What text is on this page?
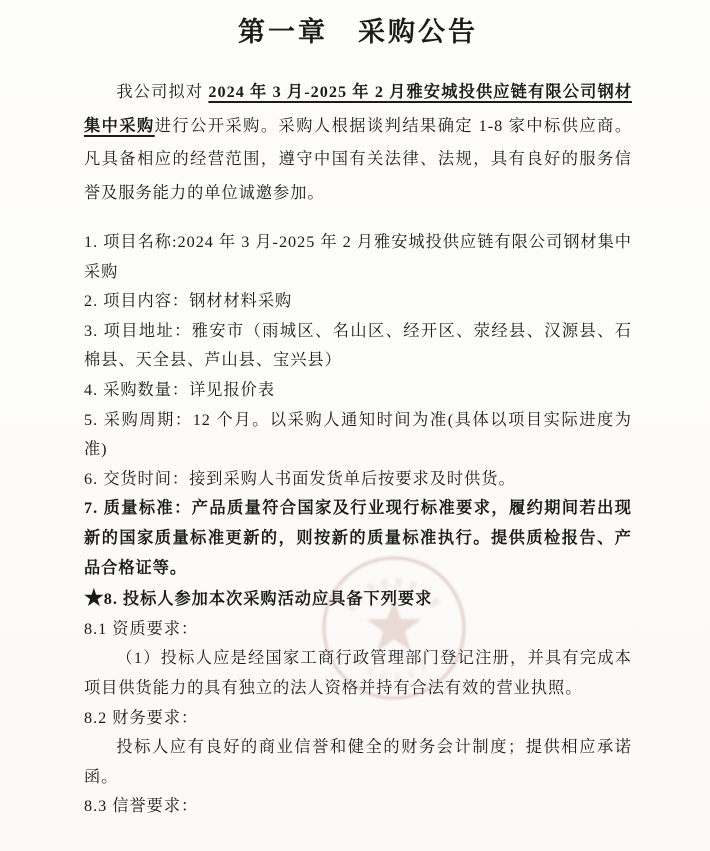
第一章　采购公告

我公司拟对 2024 年 3 月-2025 年 2 月雅安城投供应链有限公司钢材集中采购进行公开采购。采购人根据谈判结果确定 1-8 家中标供应商。凡具备相应的经营范围，遵守中国有关法律、法规，具有良好的服务信誉及服务能力的单位诚邀参加。

1. 项目名称:2024 年 3 月-2025 年 2 月雅安城投供应链有限公司钢材集中采购

2. 项目内容：钢材材料采购

3. 项目地址：雅安市（雨城区、名山区、经开区、荥经县、汉源县、石棉县、天全县、芦山县、宝兴县）

4. 采购数量：详见报价表

5. 采购周期：12 个月。以采购人通知时间为准(具体以项目实际进度为准)

6. 交货时间：接到采购人书面发货单后按要求及时供货。

7. 质量标准：产品质量符合国家及行业现行标准要求，履约期间若出现新的国家质量标准更新的，则按新的质量标准执行。提供质检报告、产品合格证等。

★8. 投标人参加本次采购活动应具备下列要求

8.1 资质要求：

（1）投标人应是经国家工商行政管理部门登记注册，并具有完成本项目供货能力的具有独立的法人资格并持有合法有效的营业执照。

8.2 财务要求：

投标人应有良好的商业信誉和健全的财务会计制度；提供相应承诺函。

8.3 信誉要求：
